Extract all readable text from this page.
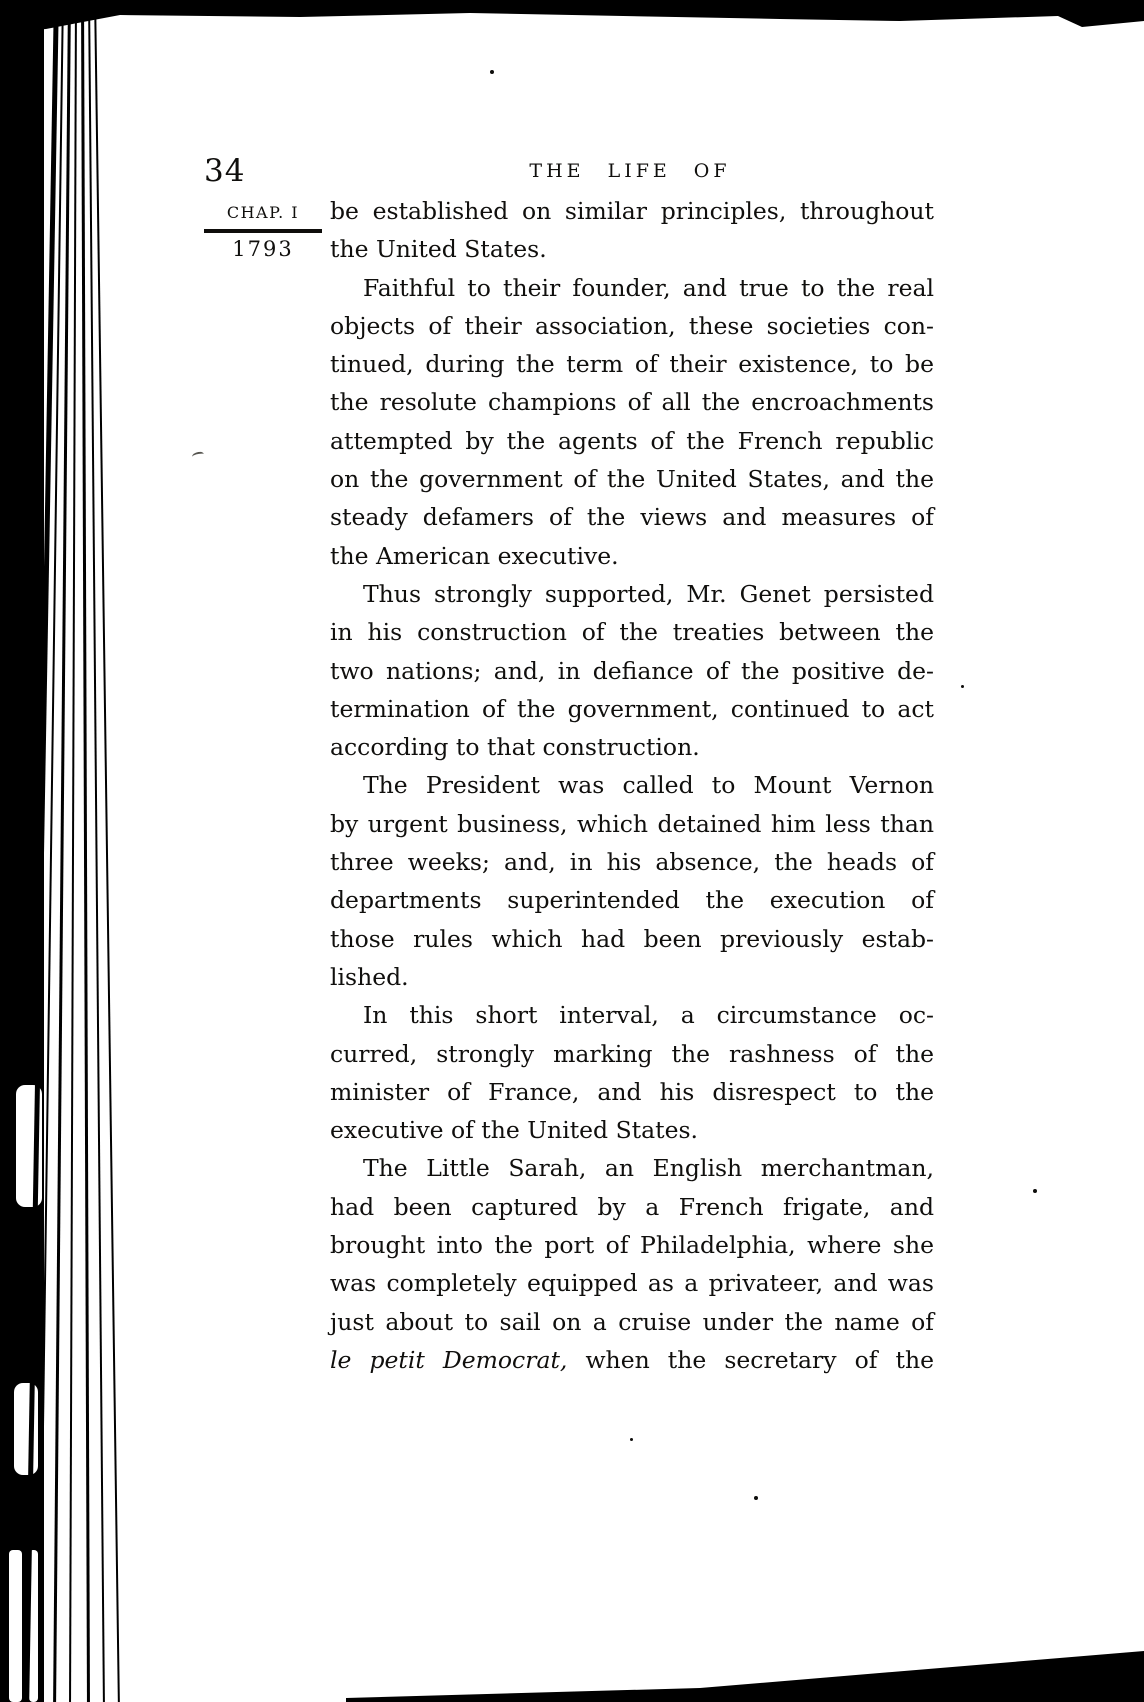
34	THE LIFE OF
CHAP. I
1793
be established on similar principles, throughout
the United States.
Faithful to their founder, and true to the real
objects of their association, these societies con-
tinued, during the term of their existence, to be
the resolute champions of all the encroachments
attempted by the agents of the French republic
on the government of the United States, and the
steady defamers of the views and measures of
the American executive.
Thus strongly supported, Mr. Genet persisted
in his construction of the treaties between the
two nations; and, in defiance of the positive de-
termination of the government, continued to act
according to that construction.
The President was called to Mount Vernon
by urgent business, which detained him less than
three weeks; and, in his absence, the heads of
departments superintended the execution of
those rules which had been previously estab-
lished.
In this short interval, a circumstance oc-
curred, strongly marking the rashness of the
minister of France, and his disrespect to the
executive of the United States.
The Little Sarah, an English merchantman,
had been captured by a French frigate, and
brought into the port of Philadelphia, where she
was completely equipped as a privateer, and was
just about to sail on a cruise under the name of
le petit Democrat, when the secretary of the
